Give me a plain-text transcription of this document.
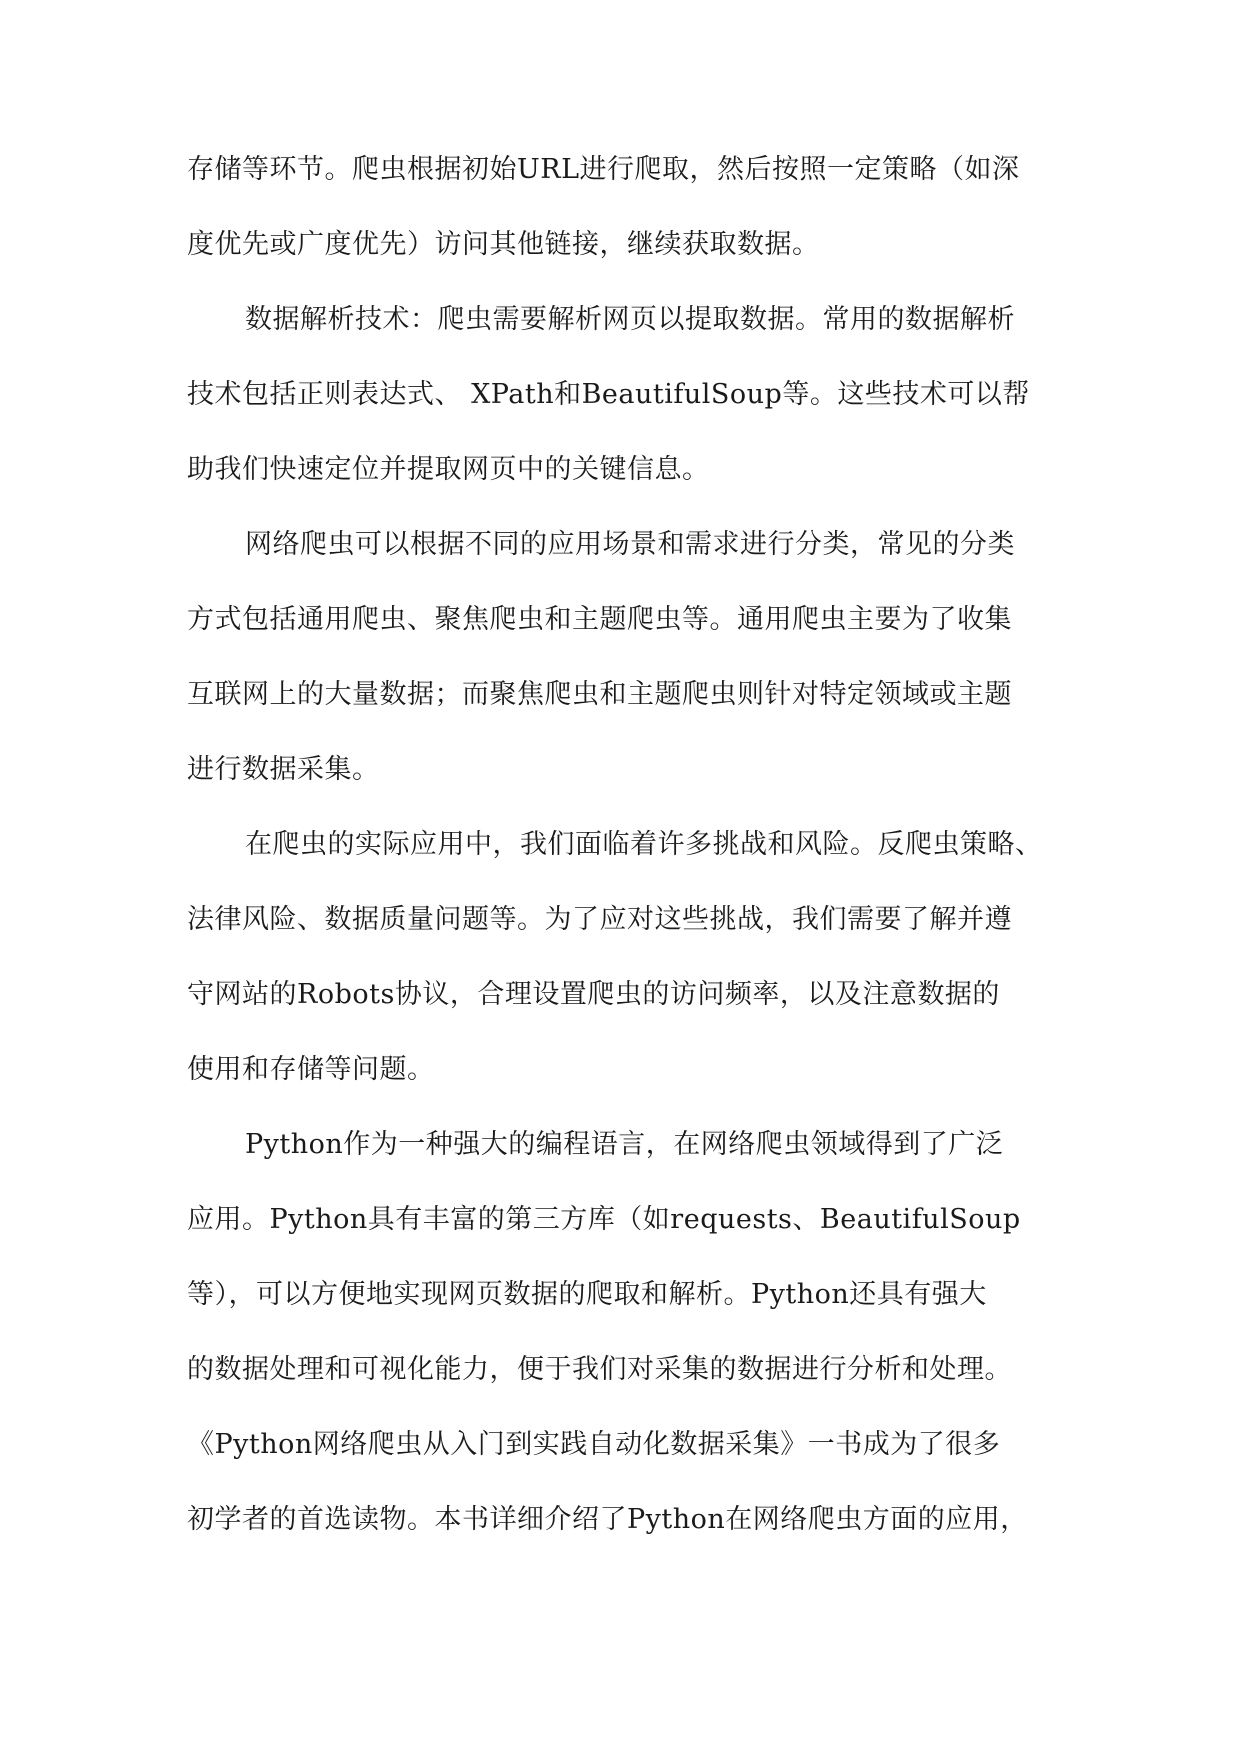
存储等环节。爬虫根据初始URL进行爬取，然后按照一定策略（如深
度优先或广度优先）访问其他链接，继续获取数据。
数据解析技术：爬虫需要解析网页以提取数据。常用的数据解析
技术包括正则表达式、 XPath和BeautifulSoup等。这些技术可以帮
助我们快速定位并提取网页中的关键信息。
网络爬虫可以根据不同的应用场景和需求进行分类，常见的分类
方式包括通用爬虫、聚焦爬虫和主题爬虫等。通用爬虫主要为了收集
互联网上的大量数据；而聚焦爬虫和主题爬虫则针对特定领域或主题
进行数据采集。
在爬虫的实际应用中，我们面临着许多挑战和风险。反爬虫策略、
法律风险、数据质量问题等。为了应对这些挑战，我们需要了解并遵
守网站的Robots协议，合理设置爬虫的访问频率，以及注意数据的
使用和存储等问题。
Python作为一种强大的编程语言，在网络爬虫领域得到了广泛
应用。Python具有丰富的第三方库（如requests、BeautifulSoup
等），可以方便地实现网页数据的爬取和解析。Python还具有强大
的数据处理和可视化能力，便于我们对采集的数据进行分析和处理。
《Python网络爬虫从入门到实践自动化数据采集》一书成为了很多
初学者的首选读物。本书详细介绍了Python在网络爬虫方面的应用，
